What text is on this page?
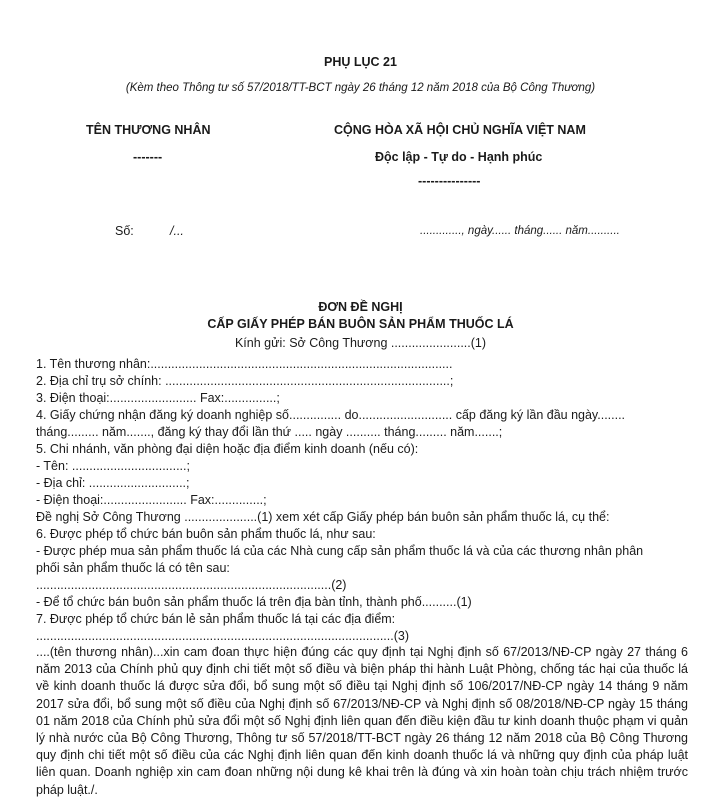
PHỤ LỤC 21
(Kèm theo Thông tư số 57/2018/TT-BCT ngày 26 tháng 12 năm 2018 của Bộ Công Thương)
TÊN THƯƠNG NHÂN
-------
CỘNG HÒA XÃ HỘI CHỦ NGHĨA VIỆT NAM
Độc lập - Tự do - Hạnh phúc
---------------
Số:	/...	............., ngày...... tháng...... năm..........
ĐƠN ĐỀ NGHỊ
CẤP GIẤY PHÉP BÁN BUÔN SẢN PHẨM THUỐC LÁ
Kính gửi: Sở Công Thương .......................(1)
1. Tên thương nhân:.......................................................................................
2. Địa chỉ trụ sở chính: ..................................................................................;
3. Điện thoại:......................... Fax:...............;
4. Giấy chứng nhận đăng ký doanh nghiệp số............... do........................... cấp đăng ký lần đầu ngày........
tháng......... năm......., đăng ký thay đổi lần thứ ..... ngày .......... tháng......... năm.......;
5. Chi nhánh, văn phòng đại diện hoặc địa điểm kinh doanh (nếu có):
- Tên: .................................;
- Địa chỉ: ............................;
- Điện thoại:........................ Fax:..............;
Đề nghị Sở Công Thương .....................(1) xem xét cấp Giấy phép bán buôn sản phẩm thuốc lá, cụ thể:
6. Được phép tổ chức bán buôn sản phẩm thuốc lá, như sau:
- Được phép mua sản phẩm thuốc lá của các Nhà cung cấp sản phẩm thuốc lá và của các thương nhân phân
phối sản phẩm thuốc lá có tên sau:
.....................................................................................(2)
- Để tổ chức bán buôn sản phẩm thuốc lá trên địa bàn tỉnh, thành phố..........(1)
7. Được phép tổ chức bán lẻ sản phẩm thuốc lá tại các địa điểm:
.......................................................................................................(3)
....(tên thương nhân)...xin cam đoan thực hiện đúng các quy định tại Nghị định số 67/2013/NĐ-CP ngày 27 tháng 6 năm 2013 của Chính phủ quy định chi tiết một số điều và biện pháp thi hành Luật Phòng, chống tác hại của thuốc lá về kinh doanh thuốc lá được sửa đổi, bổ sung một số điều tại Nghị định số 106/2017/NĐ-CP ngày 14 tháng 9 năm 2017 sửa đổi, bổ sung một số điều của Nghị định số 67/2013/NĐ-CP và Nghị định số 08/2018/NĐ-CP ngày 15 tháng 01 năm 2018 của Chính phủ sửa đổi một số Nghị định liên quan đến điều kiện đầu tư kinh doanh thuộc phạm vi quản lý nhà nước của Bộ Công Thương, Thông tư số 57/2018/TT-BCT ngày 26 tháng 12 năm 2018 của Bộ Công Thương quy định chi tiết một số điều của các Nghị định liên quan đến kinh doanh thuốc lá và những quy định của pháp luật liên quan. Doanh nghiệp xin cam đoan những nội dung kê khai trên là đúng và xin hoàn toàn chịu trách nhiệm trước pháp luật./.
